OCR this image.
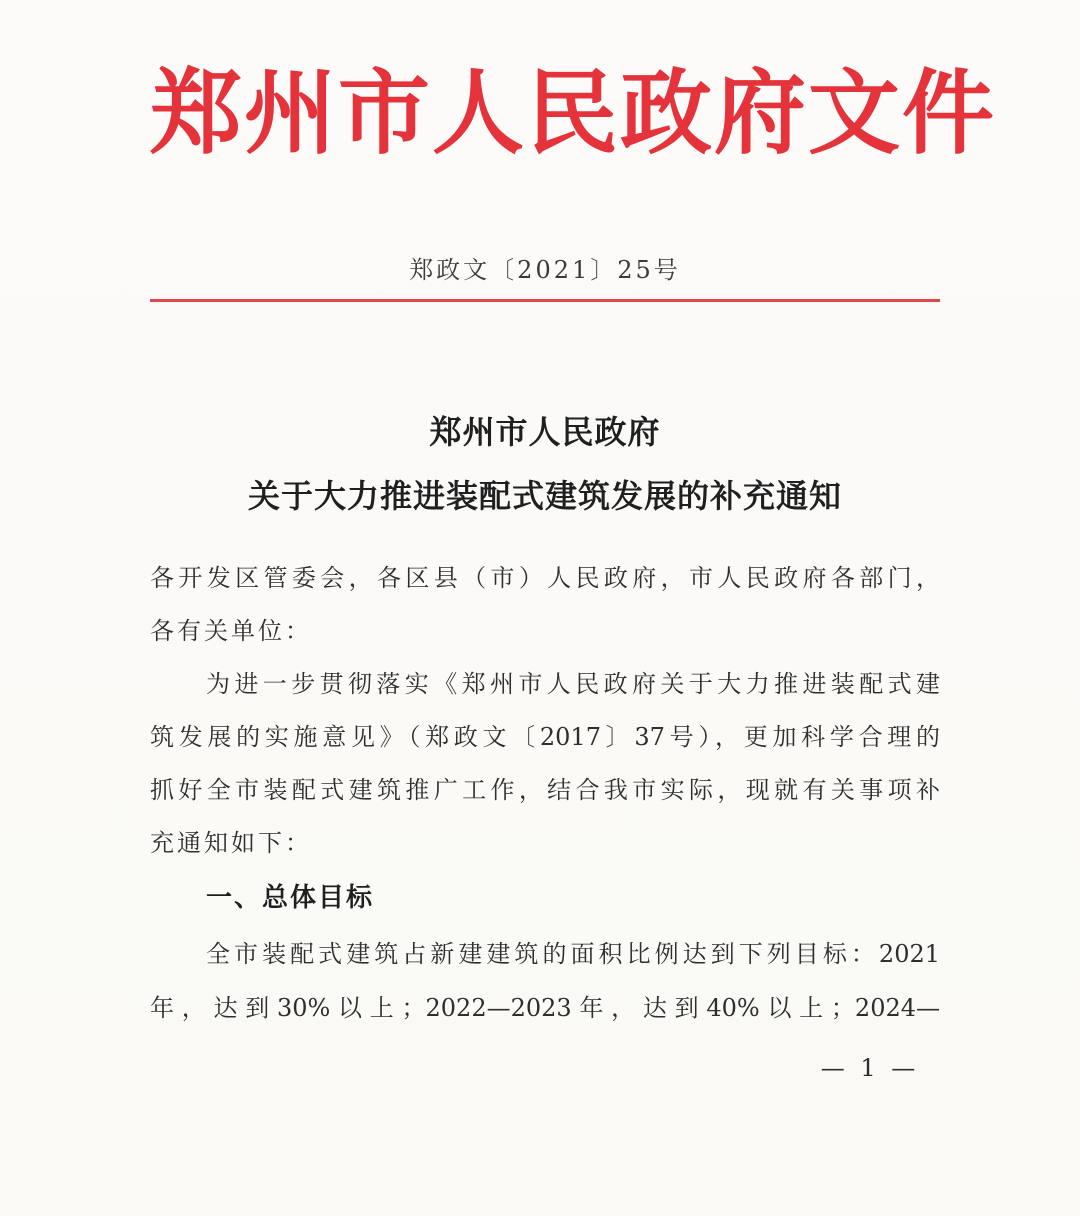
郑州市人民政府文件
郑政文〔2021〕25号
郑州市人民政府
关于大力推进装配式建筑发展的补充通知
各开发区管委会，各区县（市）人民政府，市人民政府各部门，
各有关单位：
为进一步贯彻落实《郑州市人民政府关于大力推进装配式建
筑发展的实施意见》（郑政文〔2017〕37号），更加科学合理的
抓好全市装配式建筑推广工作，结合我市实际，现就有关事项补
充通知如下：
一、总体目标
全市装配式建筑占新建建筑的面积比例达到下列目标：2021
年，达到30%以上；2022—2023年，达到40%以上；2024—
— 1 —
